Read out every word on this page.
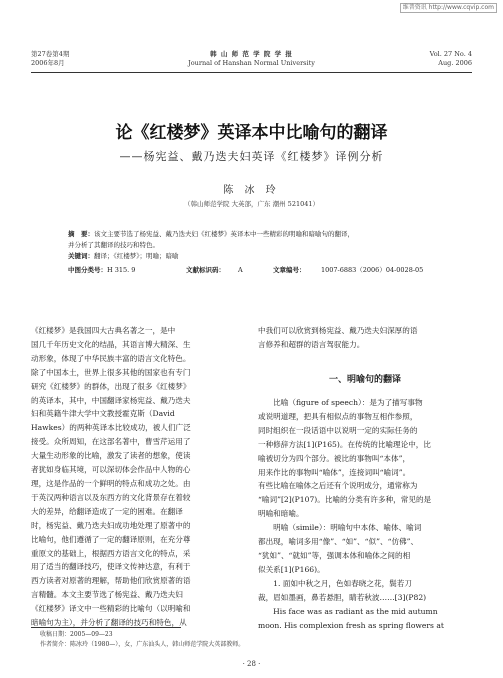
维普资讯 http://www.cqvip.com
第27卷第4期
2006年8月
韩 山 师 范 学 院 学 报
Journal of Hanshan Normal University
Vol. 27 No. 4
Aug. 2006
论《红楼梦》英译本中比喻句的翻译
——杨宪益、戴乃迭夫妇英译《红楼梦》译例分析
陈 冰 玲
（韩山师范学院 大英部，广东 潮州 521041）
摘　要：该文主要节选了杨宪益、戴乃迭夫妇《红楼梦》英译本中一些精彩的明喻和暗喻句的翻译，
并分析了其翻译的技巧和特色。
关键词：翻译；《红楼梦》；明喻；暗喻
中图分类号：H 315. 9	文献标识码： A	文章编号： 1007-6883（2006）04-0028-05
《红楼梦》是我国四大古典名著之一，是中
国几千年历史文化的结晶，其语言博大精深、生
动形象，体现了中华民族丰富的语言文化特色。
除了中国本土，世界上很多其他的国家也有专门
研究《红楼梦》的群体，出现了很多《红楼梦》
的英译本，其中，中国翻译家杨宪益、戴乃迭夫
妇和英籍牛津大学中文教授霍克斯（David
Hawkes）的两种英译本比较成功，被人们广泛
接受。众所周知，在这部名著中，曹雪芹运用了
大量生动形象的比喻，激发了读者的想象，使读
者犹如身临其境，可以深切体会作品中人物的心
理，这是作品的一个鲜明的特点和成功之处。由
于英汉两种语言以及东西方的文化背景存在着较
大的差异，给翻译造成了一定的困难。在翻译
时，杨宪益、戴乃迭夫妇成功地处理了原著中的
比喻句，他们遵循了一定的翻译原则，在充分尊
重原文的基础上，根据西方语言文化的特点，采
用了适当的翻译技巧，使译文传神达意，有利于
西方读者对原著的理解，帮助他们欣赏原著的语
言精髓。本文主要节选了杨宪益、戴乃迭夫妇
《红楼梦》译文中一些精彩的比喻句（以明喻和
暗喻句为主），并分析了翻译的技巧和特色，从
中我们可以欣赏到杨宪益、戴乃迭夫妇深厚的语
言修养和超群的语言驾驭能力。
一、明喻句的翻译
　　比喻（figure of speech）：是为了描写事物
或说明道理，把具有相似点的事物互相作参照，
同时组织在一段话语中以说明一定的实际任务的
一种修辞方法[1](P165)。在传统的比喻理论中，比
喻被切分为四个部分。被比的事物叫“本体”，
用来作比的事物叫“喻体”，连接词叫“喻词”。
有些比喻在喻体之后还有个说明成分，通常称为
“喻词”[2](P107)。比喻的分类有许多种，常见的是
明喻和暗喻。
　　明喻（simile）：明喻句中本体、喻体、喻词
都出现，喻词多用“像”、“如”、“似”、“仿佛”、
“犹如”、“就如”等，强调本体和喻体之间的相
似关系[1](P166)。
　　1. 面如中秋之月，色如春晓之花，鬓若刀
裁，眉如墨画，鼻若悬胆，睛若秋波……[3](P82)
　　His face was as radiant as the mid autumn
moon. His complexion fresh as spring flowers at
收稿日期：2005—09—23
作者简介：陈冰玲（1980—），女，广东汕头人，韩山师范学院大英部教师。
· 28 ·
